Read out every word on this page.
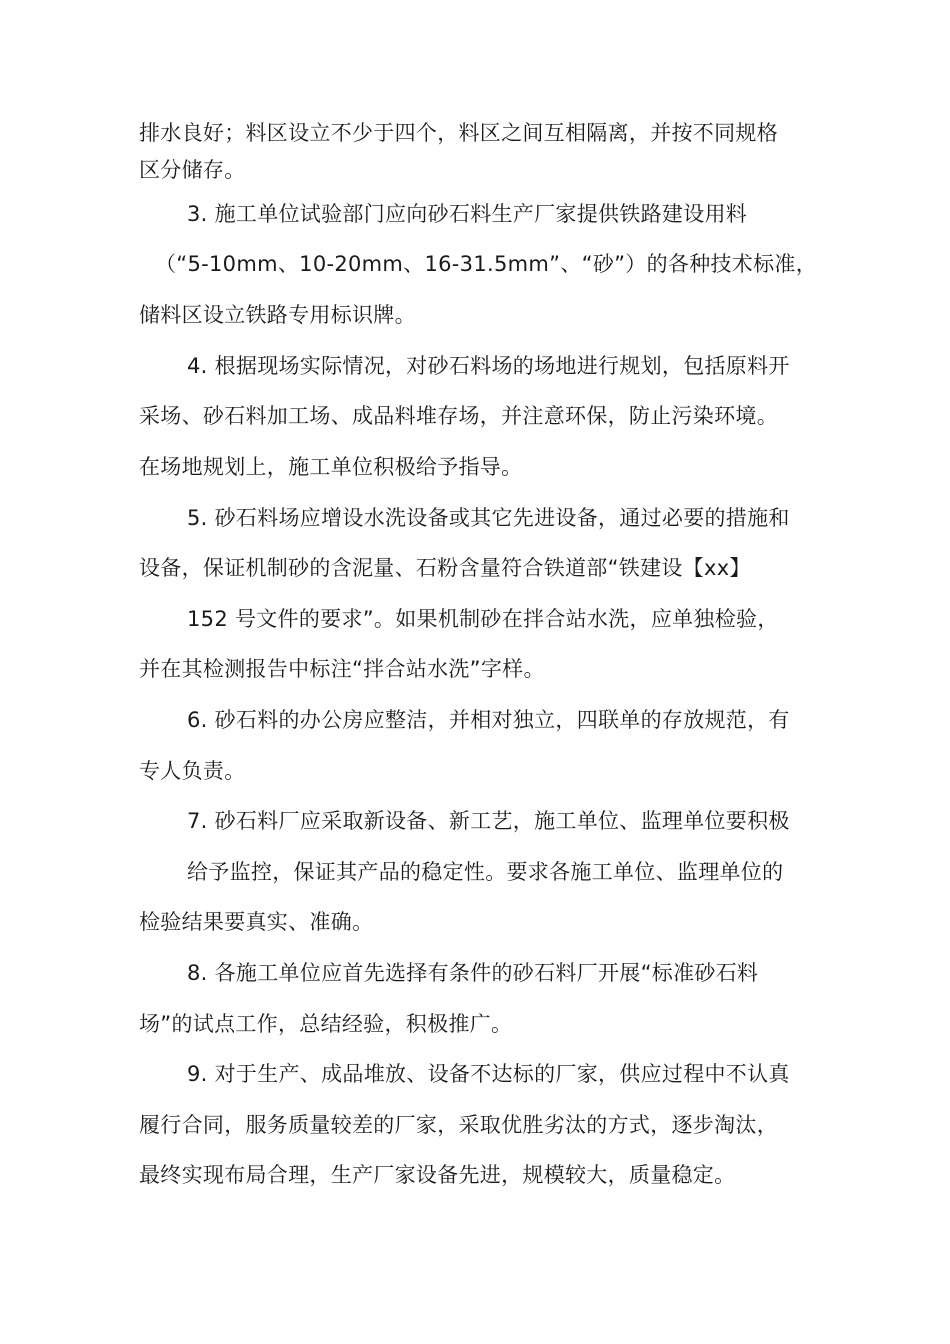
排水良好；料区设立不少于四个，料区之间互相隔离，并按不同规格
区分储存。
3. 施工单位试验部门应向砂石料生产厂家提供铁路建设用料
（“5-10mm、10-20mm、16-31.5mm”、“砂”）的各种技术标准，
储料区设立铁路专用标识牌。
4. 根据现场实际情况，对砂石料场的场地进行规划，包括原料开
采场、砂石料加工场、成品料堆存场，并注意环保，防止污染环境。
在场地规划上，施工单位积极给予指导。
5. 砂石料场应增设水洗设备或其它先进设备，通过必要的措施和
设备，保证机制砂的含泥量、石粉含量符合铁道部“铁建设【xx】
152 号文件的要求”。如果机制砂在拌合站水洗，应单独检验，
并在其检测报告中标注“拌合站水洗”字样。
6. 砂石料的办公房应整洁，并相对独立，四联单的存放规范，有
专人负责。
7. 砂石料厂应采取新设备、新工艺，施工单位、监理单位要积极
给予监控，保证其产品的稳定性。要求各施工单位、监理单位的
检验结果要真实、准确。
8. 各施工单位应首先选择有条件的砂石料厂开展“标准砂石料
场”的试点工作，总结经验，积极推广。
9. 对于生产、成品堆放、设备不达标的厂家，供应过程中不认真
履行合同，服务质量较差的厂家，采取优胜劣汰的方式，逐步淘汰，
最终实现布局合理，生产厂家设备先进，规模较大，质量稳定。
